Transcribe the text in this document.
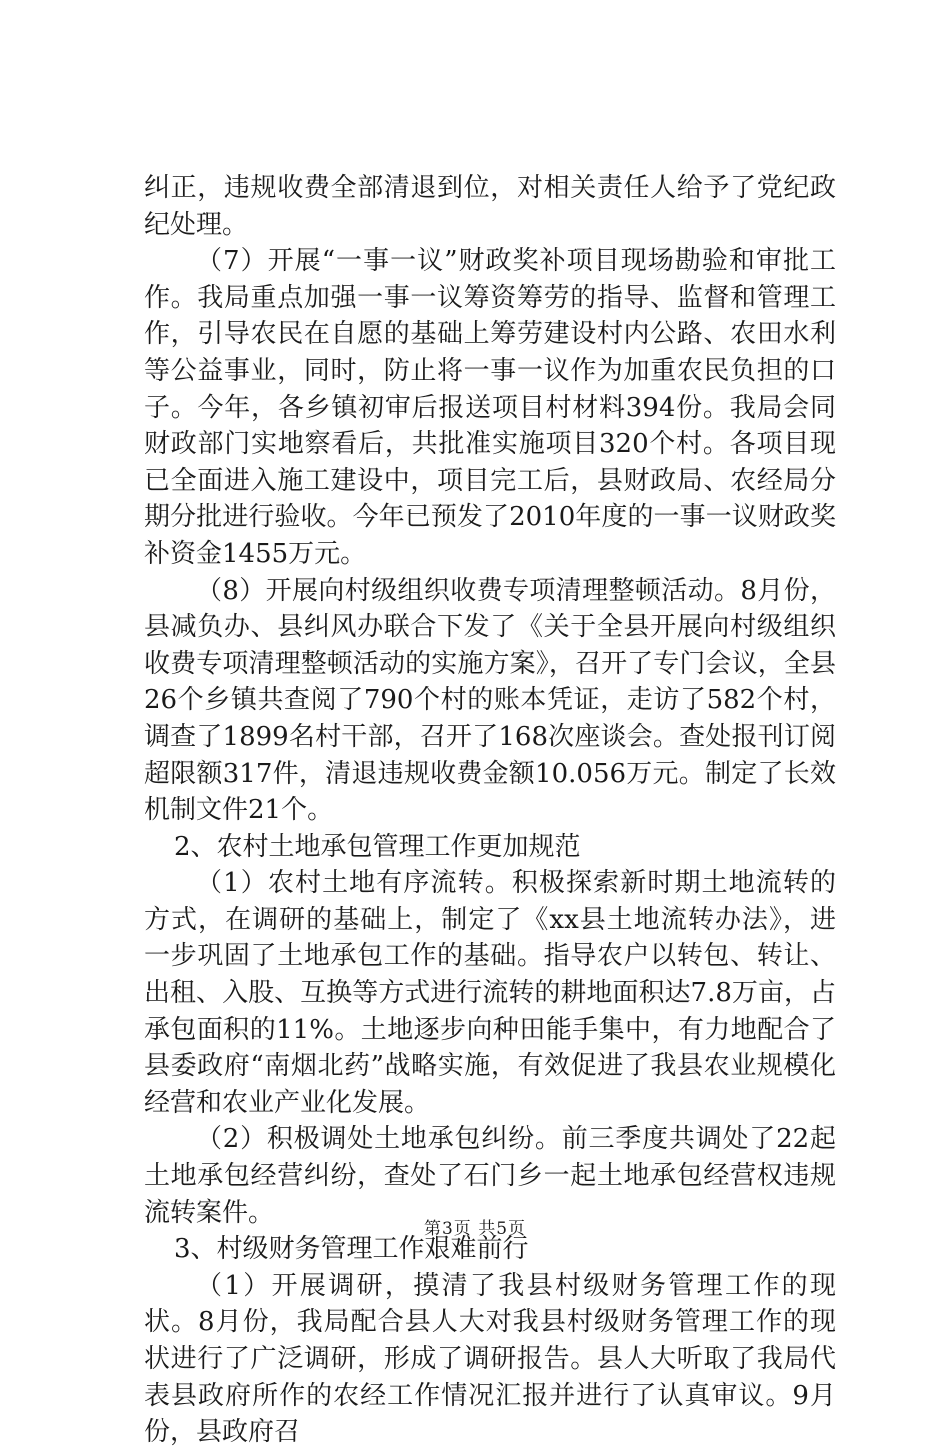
纠正，违规收费全部清退到位，对相关责任人给予了党纪政纪处理。

（7）开展“一事一议”财政奖补项目现场勘验和审批工作。我局重点加强一事一议筹资筹劳的指导、监督和管理工作，引导农民在自愿的基础上筹劳建设村内公路、农田水利等公益事业，同时，防止将一事一议作为加重农民负担的口子。今年，各乡镇初审后报送项目村材料394份。我局会同财政部门实地察看后，共批准实施项目320个村。各项目现已全面进入施工建设中，项目完工后，县财政局、农经局分期分批进行验收。今年已预发了2010年度的一事一议财政奖补资金1455万元。

（8）开展向村级组织收费专项清理整顿活动。8月份，县减负办、县纠风办联合下发了《关于全县开展向村级组织收费专项清理整顿活动的实施方案》，召开了专门会议，全县26个乡镇共查阅了790个村的账本凭证，走访了582个村，调查了1899名村干部，召开了168次座谈会。查处报刊订阅超限额317件，清退违规收费金额10.056万元。制定了长效机制文件21个。

2、农村土地承包管理工作更加规范

（1）农村土地有序流转。积极探索新时期土地流转的方式，在调研的基础上，制定了《xx县土地流转办法》，进一步巩固了土地承包工作的基础。指导农户以转包、转让、出租、入股、互换等方式进行流转的耕地面积达7.8万亩，占承包面积的11%。土地逐步向种田能手集中，有力地配合了县委政府“南烟北药”战略实施，有效促进了我县农业规模化经营和农业产业化发展。

（2）积极调处土地承包纠纷。前三季度共调处了22起土地承包经营纠纷，查处了石门乡一起土地承包经营权违规流转案件。

3、村级财务管理工作艰难前行

（1）开展调研，摸清了我县村级财务管理工作的现状。8月份，我局配合县人大对我县村级财务管理工作的现状进行了广泛调研，形成了调研报告。县人大听取了我局代表县政府所作的农经工作情况汇报并进行了认真审议。9月份，县政府召

第3页 共5页
